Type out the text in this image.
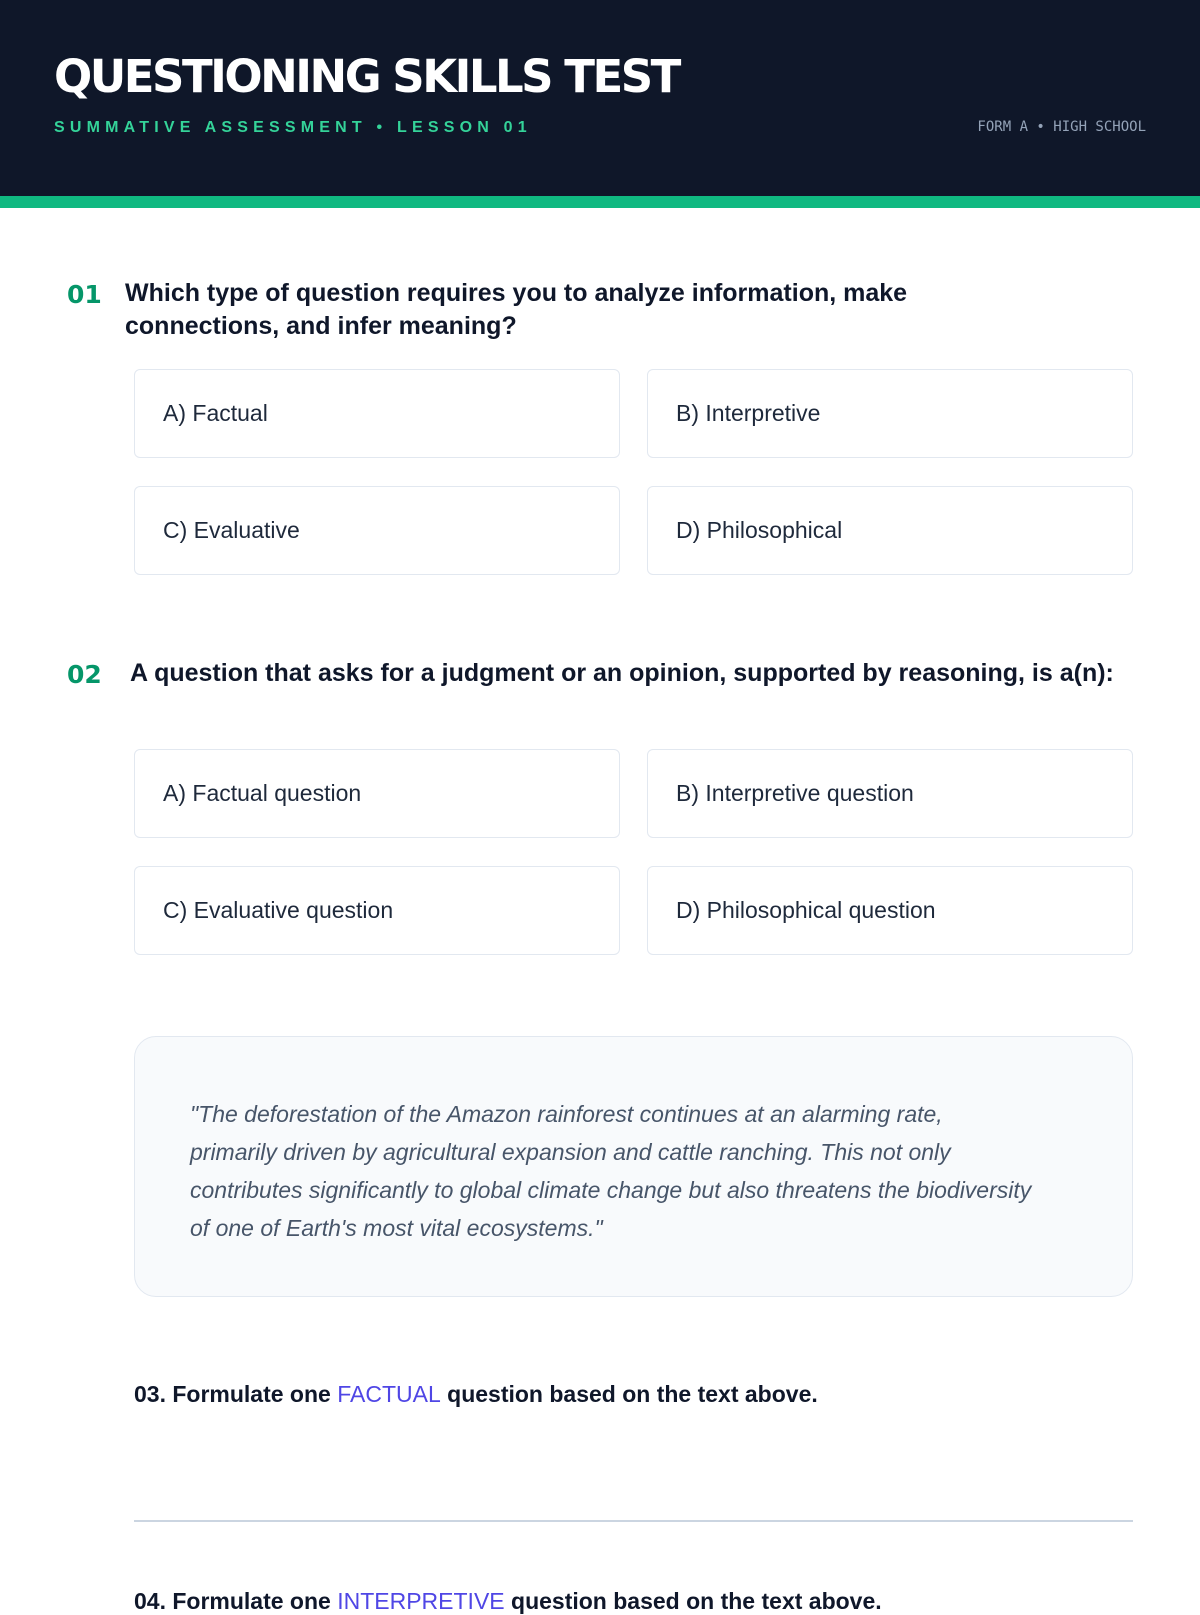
QUESTIONING SKILLS TEST
SUMMATIVE ASSESSMENT • LESSON 01	FORM A • HIGH SCHOOL
01 Which type of question requires you to analyze information, make connections, and infer meaning?
A) Factual	B) Interpretive
C) Evaluative	D) Philosophical
02 A question that asks for a judgment or an opinion, supported by reasoning, is a(n):
A) Factual question	B) Interpretive question
C) Evaluative question	D) Philosophical question

"The deforestation of the Amazon rainforest continues at an alarming rate, primarily driven by agricultural expansion and cattle ranching. This not only contributes significantly to global climate change but also threatens the biodiversity of one of Earth's most vital ecosystems."

03. Formulate one FACTUAL question based on the text above.
04. Formulate one INTERPRETIVE question based on the text above.
